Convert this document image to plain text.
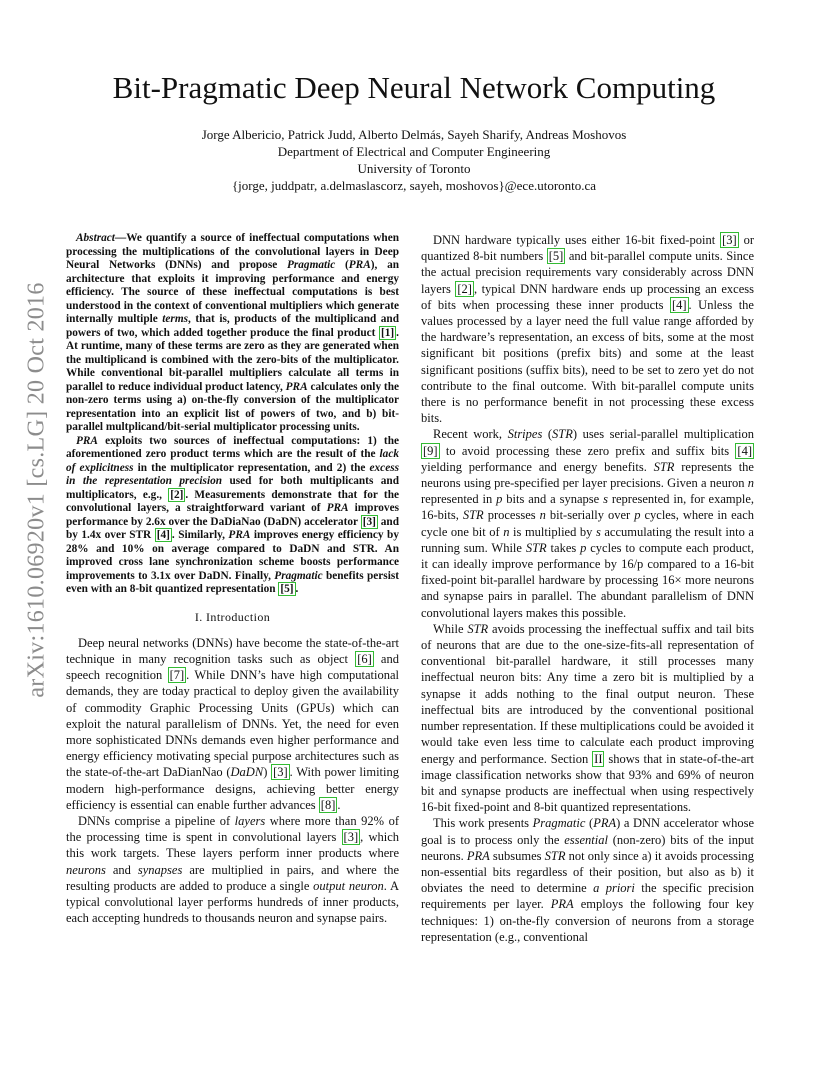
arXiv:1610.06920v1 [cs.LG] 20 Oct 2016
Bit-Pragmatic Deep Neural Network Computing
Jorge Albericio, Patrick Judd, Alberto Delmás, Sayeh Sharify, Andreas Moshovos
Department of Electrical and Computer Engineering
University of Toronto
{jorge, juddpatr, a.delmaslascorz, sayeh, moshovos}@ece.utoronto.ca

Abstract—We quantify a source of ineffectual computations when processing the multiplications of the convolutional layers in Deep Neural Networks (DNNs) and propose Pragmatic (PRA), an architecture that exploits it improving performance and energy efficiency. The source of these ineffectual computations is best understood in the context of conventional multipliers which generate internally multiple terms, that is, products of the multiplicand and powers of two, which added together produce the final product [1] . At runtime, many of these terms are zero as they are generated when the multiplicand is combined with the zero-bits of the multiplicator. While conventional bit-parallel multipliers calculate all terms in parallel to reduce individual product latency, PRA calculates only the non-zero terms using a) on-the-fly conversion of the multiplicator representation into an explicit list of powers of two, and b) bit-parallel multplicand/bit-serial multiplicator processing units.

PRA exploits two sources of ineffectual computations: 1) the aforementioned zero product terms which are the result of the lack of explicitness in the multiplicator representation, and 2) the excess in the representation precision used for both multiplicants and multiplicators, e.g., [2] . Measurements demonstrate that for the convolutional layers, a straightforward variant of PRA improves performance by 2.6x over the DaDiaNao (DaDN) accelerator [3] and by 1.4x over STR [4] . Similarly, PRA improves energy efficiency by 28% and 10% on average compared to DaDN and STR. An improved cross lane synchronization scheme boosts performance improvements to 3.1x over DaDN. Finally, Pragmatic benefits persist even with an 8-bit quantized representation [5] .

I. Introduction

Deep neural networks (DNNs) have become the state-of-the-art technique in many recognition tasks such as object [6] and speech recognition [7] . While DNN’s have high computational demands, they are today practical to deploy given the availability of commodity Graphic Processing Units (GPUs) which can exploit the natural parallelism of DNNs. Yet, the need for even more sophisticated DNNs demands even higher performance and energy efficiency motivating special purpose architectures such as the state-of-the-art DaDianNao (DaDN) [3] . With power limiting modern high-performance designs, achieving better energy efficiency is essential can enable further advances [8] .

DNNs comprise a pipeline of layers where more than 92% of the processing time is spent in convolutional layers [3] , which this work targets. These layers perform inner products where neurons and synapses are multiplied in pairs, and where the resulting products are added to produce a single output neuron. A typical convolutional layer performs hundreds of inner products, each accepting hundreds to thousands neuron and synapse pairs.

DNN hardware typically uses either 16-bit fixed-point [3] or quantized 8-bit numbers [5] and bit-parallel compute units. Since the actual precision requirements vary considerably across DNN layers [2] , typical DNN hardware ends up processing an excess of bits when processing these inner products [4] . Unless the values processed by a layer need the full value range afforded by the hardware’s representation, an excess of bits, some at the most significant bit positions (prefix bits) and some at the least significant positions (suffix bits), need to be set to zero yet do not contribute to the final outcome. With bit-parallel compute units there is no performance benefit in not processing these excess bits.

Recent work, Stripes (STR) uses serial-parallel multiplication [9] to avoid processing these zero prefix and suffix bits [4] yielding performance and energy benefits. STR represents the neurons using pre-specified per layer precisions. Given a neuron n represented in p bits and a synapse s represented in, for example, 16-bits, STR processes n bit-serially over p cycles, where in each cycle one bit of n is multiplied by s accumulating the result into a running sum. While STR takes p cycles to compute each product, it can ideally improve performance by 16/p compared to a 16-bit fixed-point bit-parallel hardware by processing 16× more neurons and synapse pairs in parallel. The abundant parallelism of DNN convolutional layers makes this possible.

While STR avoids processing the ineffectual suffix and tail bits of neurons that are due to the one-size-fits-all representation of conventional bit-parallel hardware, it still processes many ineffectual neuron bits: Any time a zero bit is multiplied by a synapse it adds nothing to the final output neuron. These ineffectual bits are introduced by the conventional positional number representation. If these multiplications could be avoided it would take even less time to calculate each product improving energy and performance. Section II shows that in state-of-the-art image classification networks show that 93% and 69% of neuron bit and synapse products are ineffectual when using respectively 16-bit fixed-point and 8-bit quantized representations.

This work presents Pragmatic (PRA) a DNN accelerator whose goal is to process only the essential (non-zero) bits of the input neurons. PRA subsumes STR not only since a) it avoids processing non-essential bits regardless of their position, but also as b) it obviates the need to determine a priori the specific precision requirements per layer. PRA employs the following four key techniques: 1) on-the-fly conversion of neurons from a storage representation (e.g., conventional
